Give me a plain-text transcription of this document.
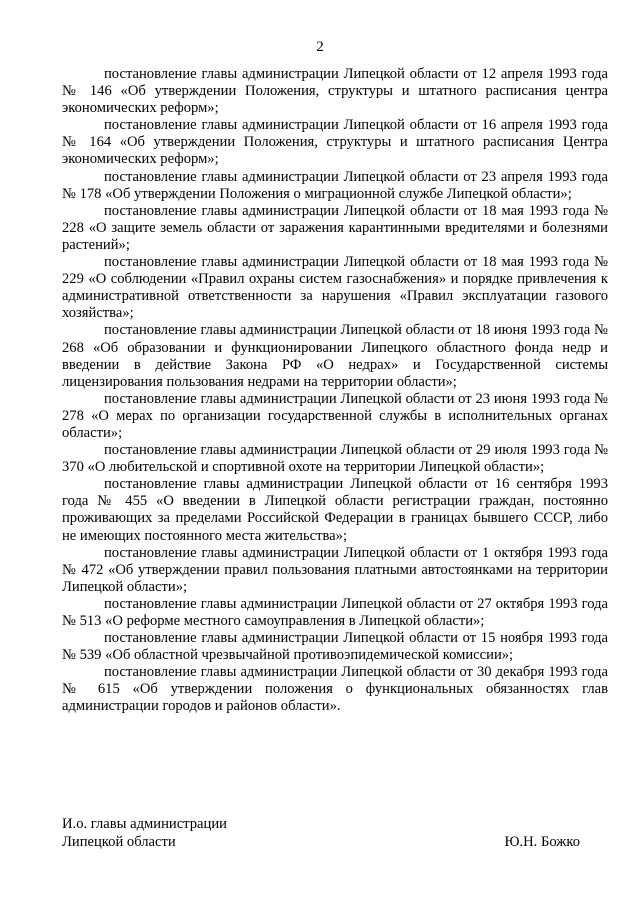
2

постановление главы администрации Липецкой области от 12 апреля 1993 года № 146 «Об утверждении Положения, структуры и штатного расписания центра экономических реформ»;

постановление главы администрации Липецкой области от 16 апреля 1993 года № 164 «Об утверждении Положения, структуры и штатного расписания Центра экономических реформ»;

постановление главы администрации Липецкой области от 23 апреля 1993 года № 178 «Об утверждении Положения о миграционной службе Липецкой области»;

постановление главы администрации Липецкой области от 18 мая 1993 года № 228 «О защите земель области от заражения карантинными вредителями и болезнями растений»;

постановление главы администрации Липецкой области от 18 мая 1993 года № 229 «О соблюдении «Правил охраны систем газоснабжения» и порядке привлечения к административной ответственности за нарушения «Правил эксплуатации газового хозяйства»;

постановление главы администрации Липецкой области от 18 июня 1993 года № 268 «Об образовании и функционировании Липецкого областного фонда недр и введении в действие Закона РФ «О недрах» и Государственной системы лицензирования пользования недрами на территории области»;

постановление главы администрации Липецкой области от 23 июня 1993 года № 278 «О мерах по организации государственной службы в исполнительных органах области»;

постановление главы администрации Липецкой области от 29 июля 1993 года № 370 «О любительской и спортивной охоте на территории Липецкой области»;

постановление главы администрации Липецкой области от 16 сентября 1993 года № 455 «О введении в Липецкой области регистрации граждан, постоянно проживающих за пределами Российской Федерации в границах бывшего СССР, либо не имеющих постоянного места жительства»;

постановление главы администрации Липецкой области от 1 октября 1993 года № 472 «Об утверждении правил пользования платными автостоянками на территории Липецкой области»;

постановление главы администрации Липецкой области от 27 октября 1993 года № 513 «О реформе местного самоуправления в Липецкой области»;

постановление главы администрации Липецкой области от 15 ноября 1993 года № 539 «Об областной чрезвычайной противоэпидемической комиссии»;

постановление главы администрации Липецкой области от 30 декабря 1993 года № 615 «Об утверждении положения о функциональных обязанностях глав администрации городов и районов области».

И.о. главы администрации
Липецкой области	Ю.Н. Божко
